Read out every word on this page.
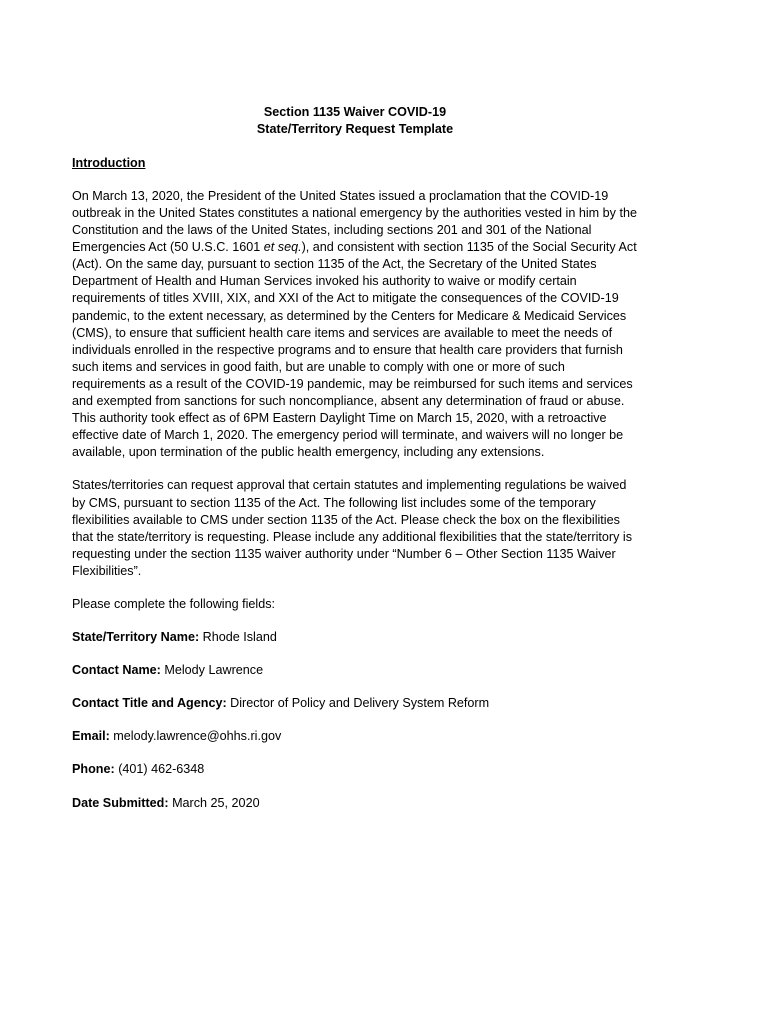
Section 1135 Waiver COVID-19
State/Territory Request Template
Introduction

On March 13, 2020, the President of the United States issued a proclamation that the COVID-19 outbreak in the United States constitutes a national emergency by the authorities vested in him by the Constitution and the laws of the United States, including sections 201 and 301 of the National Emergencies Act (50 U.S.C. 1601 et seq.), and consistent with section 1135 of the Social Security Act (Act). On the same day, pursuant to section 1135 of the Act, the Secretary of the United States Department of Health and Human Services invoked his authority to waive or modify certain requirements of titles XVIII, XIX, and XXI of the Act to mitigate the consequences of the COVID-19 pandemic, to the extent necessary, as determined by the Centers for Medicare & Medicaid Services (CMS), to ensure that sufficient health care items and services are available to meet the needs of individuals enrolled in the respective programs and to ensure that health care providers that furnish such items and services in good faith, but are unable to comply with one or more of such requirements as a result of the COVID-19 pandemic, may be reimbursed for such items and services and exempted from sanctions for such noncompliance, absent any determination of fraud or abuse. This authority took effect as of 6PM Eastern Daylight Time on March 15, 2020, with a retroactive effective date of March 1, 2020. The emergency period will terminate, and waivers will no longer be available, upon termination of the public health emergency, including any extensions.

States/territories can request approval that certain statutes and implementing regulations be waived by CMS, pursuant to section 1135 of the Act. The following list includes some of the temporary flexibilities available to CMS under section 1135 of the Act. Please check the box on the flexibilities that the state/territory is requesting. Please include any additional flexibilities that the state/territory is requesting under the section 1135 waiver authority under “Number 6 – Other Section 1135 Waiver Flexibilities”.

Please complete the following fields:

State/Territory Name: Rhode Island
Contact Name: Melody Lawrence
Contact Title and Agency: Director of Policy and Delivery System Reform
Email: melody.lawrence@ohhs.ri.gov
Phone: (401) 462-6348
Date Submitted: March 25, 2020
